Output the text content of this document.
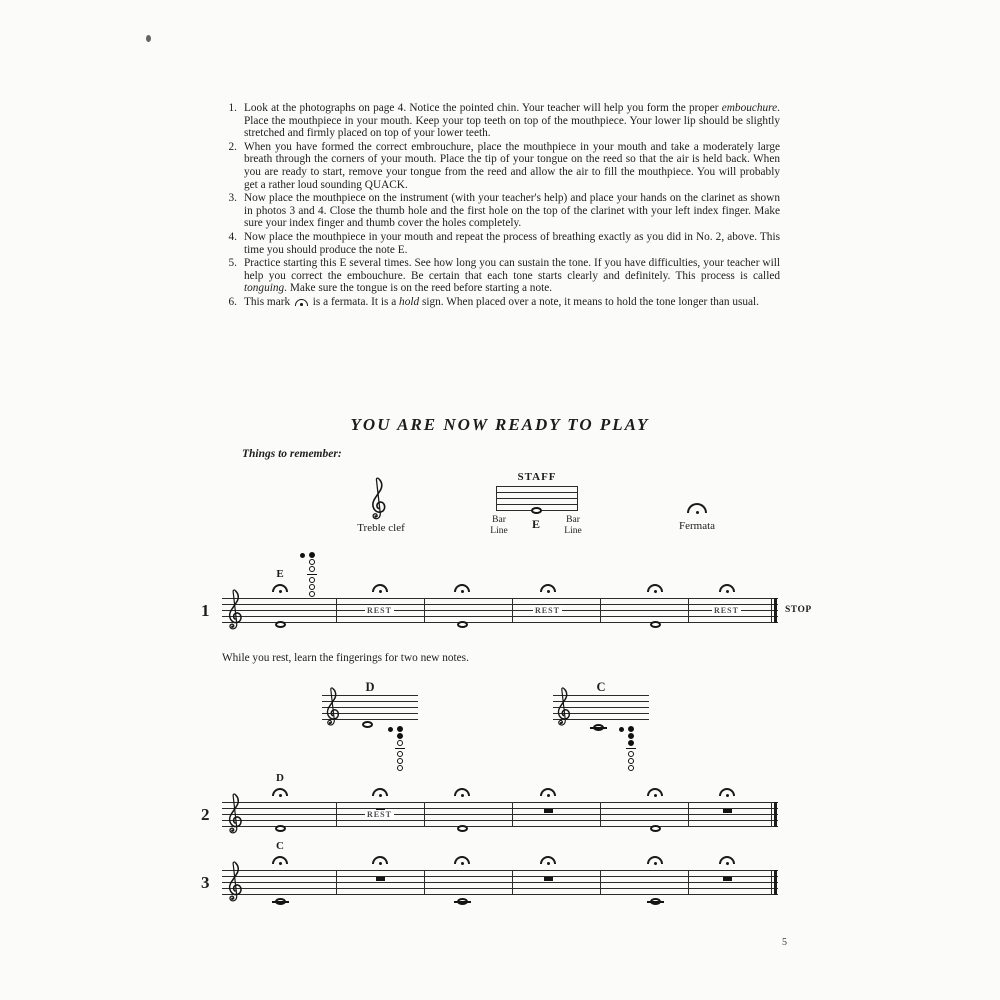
1. Look at the photographs on page 4. Notice the pointed chin. Your teacher will help you form the proper embouchure. Place the mouthpiece in your mouth. Keep your top teeth on top of the mouthpiece. Your lower lip should be slightly stretched and firmly placed on top of your lower teeth.
2. When you have formed the correct embrouchure, place the mouthpiece in your mouth and take a moderately large breath through the corners of your mouth. Place the tip of your tongue on the reed so that the air is held back. When you are ready to start, remove your tongue from the reed and allow the air to fill the mouthpiece. You will probably get a rather loud sounding QUACK.
3. Now place the mouthpiece on the instrument (with your teacher's help) and place your hands on the clarinet as shown in photos 3 and 4. Close the thumb hole and the first hole on the top of the clarinet with your left index finger. Make sure your index finger and thumb cover the holes completely.
4. Now place the mouthpiece in your mouth and repeat the process of breathing exactly as you did in No. 2, above. This time you should produce the note E.
5. Practice starting this E several times. See how long you can sustain the tone. If you have difficulties, your teacher will help you correct the embouchure. Be certain that each tone starts clearly and definitely. This process is called tonguing. Make sure the tongue is on the reed before starting a note.
6. This mark  is a fermata. It is a hold sign. When placed over a note, it means to hold the tone longer than usual.
YOU ARE NOW READY TO PLAY
Things to remember:
Treble clef
STAFF
Bar
Line E	Bar
Line	Fermata
1
E
REST	REST	REST	STOP
2
D
REST
3
C
While you rest, learn the fingerings for two new notes.
D	C
5
